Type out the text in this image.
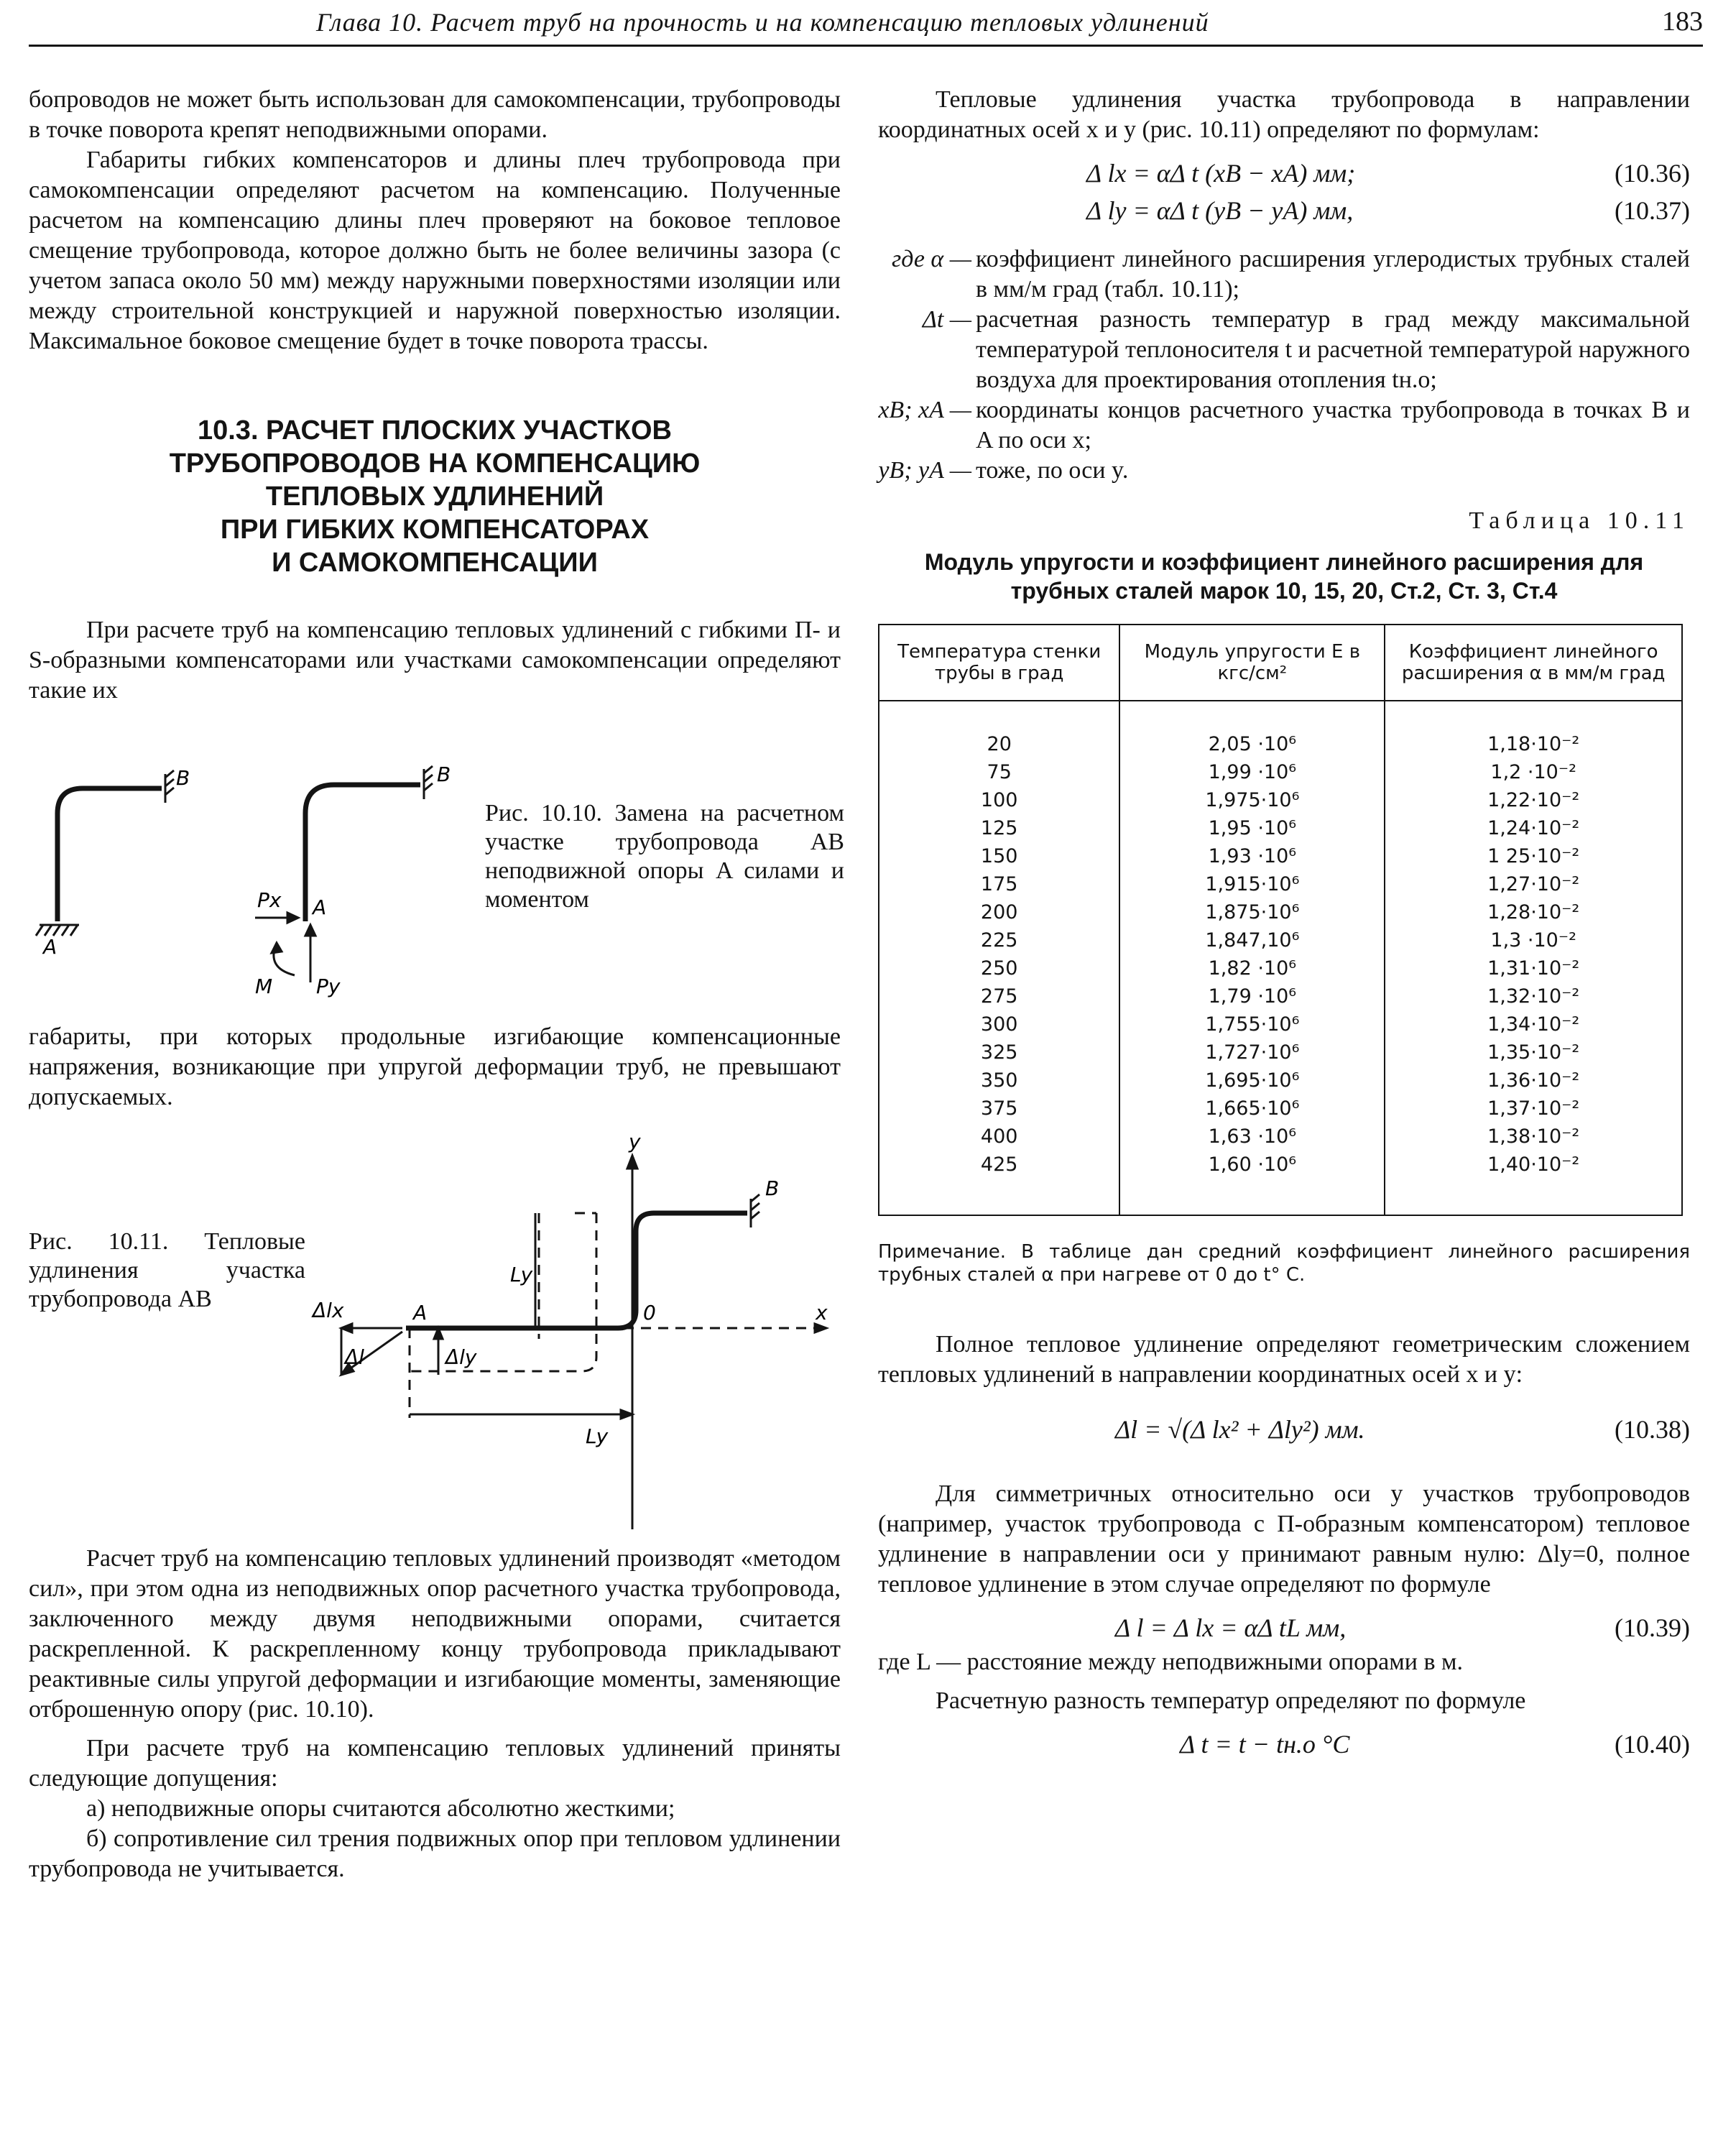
Глава 10. Расчет труб на прочность и на компенсацию тепловых удлинений	183

бопроводов не может быть использован для самокомпенсации, трубопроводы в точке поворота крепят неподвижными опорами.

Габариты гибких компенсаторов и длины плеч трубопровода при самокомпенсации определяют расчетом на компенсацию. Полученные расчетом на компенсацию длины плеч проверяют на боковое тепловое смещение трубопровода, которое должно быть не более величины зазора (с учетом запаса около 50 мм) между наружными поверхностями изоляции или между строительной конструкцией и наружной поверхностью изоляции. Максимальное боковое смещение будет в точке поворота трассы.

10.3. РАСЧЕТ ПЛОСКИХ УЧАСТКОВ
ТРУБОПРОВОДОВ НА КОМПЕНСАЦИЮ
ТЕПЛОВЫХ УДЛИНЕНИЙ
ПРИ ГИБКИХ КОМПЕНСАТОРАХ
И САМОКОМПЕНСАЦИИ

При расчете труб на компенсацию тепловых удлинений с гибкими П- и S-образными компенсаторами или участками самокомпенсации определяют такие их

A
B
A
B
Px
Py
M
Рис. 10.10. Замена на расчетном участке трубопровода AB неподвижной опоры A силами и моментом

габариты, при которых продольные изгибающие компенсационные напряжения, возникающие при упругой деформации труб, не превышают допускаемых.

y
x
A
B
0
Δlx
Δl	Δly
Ly
Ly
Рис. 10.11. Тепловые удлинения участка трубопровода AB

Расчет труб на компенсацию тепловых удлинений производят «методом сил», при этом одна из неподвижных опор расчетного участка трубопровода, заключенного между двумя неподвижными опорами, считается раскрепленной. К раскрепленному концу трубопровода прикладывают реактивные силы упругой деформации и изгибающие моменты, заменяющие отброшенную опору (рис. 10.10).

При расчете труб на компенсацию тепловых удлинений приняты следующие допущения:

а) неподвижные опоры считаются абсолютно жесткими;

б) сопротивление сил трения подвижных опор при тепловом удлинении трубопровода не учитывается.

Тепловые удлинения участка трубопровода в направлении координатных осей x и y (рис. 10.11) определяют по формулам:

Δ lx = αΔ t (xB − xA) мм;	(10.36)
Δ ly = αΔ t (yB − yA) мм,	(10.37)
где α — коэффициент линейного расширения углеродистых трубных сталей в мм/м град (табл. 10.11);
Δt — расчетная разность температур в град между максимальной температурой теплоносителя t и расчетной температурой наружного воздуха для проектирования отопления tн.о;
xB; xA — координаты концов расчетного участка трубопровода в точках B и A по оси x;
yB; yA — тоже, по оси y.
Таблица 10.11
Модуль упругости и коэффициент линейного расширения для трубных сталей марок 10, 15, 20, Ст.2, Ст. 3, Ст.4
Температура стенки трубы в град	Модуль упругости E в кгс/см²	Коэффициент линейного расширения α в мм/м град
20	2,05 ·10⁶	1,18·10⁻²
75	1,99 ·10⁶	1,2 ·10⁻²
100	1,975·10⁶	1,22·10⁻²
125	1,95 ·10⁶	1,24·10⁻²
150	1,93 ·10⁶	1 25·10⁻²
175	1,915·10⁶	1,27·10⁻²
200	1,875·10⁶	1,28·10⁻²
225	1,847,10⁶	1,3 ·10⁻²
250	1,82 ·10⁶	1,31·10⁻²
275	1,79 ·10⁶	1,32·10⁻²
300	1,755·10⁶	1,34·10⁻²
325	1,727·10⁶	1,35·10⁻²
350	1,695·10⁶	1,36·10⁻²
375	1,665·10⁶	1,37·10⁻²
400	1,63 ·10⁶	1,38·10⁻²
425	1,60 ·10⁶	1,40·10⁻²
Примечание. В таблице дан средний коэффициент линейного расширения трубных сталей α при нагреве от 0 до t° C.

Полное тепловое удлинение определяют геометрическим сложением тепловых удлинений в направлении координатных осей x и y:

Δl = √(Δ lx² + Δly²) мм.	(10.38)

Для симметричных относительно оси y участков трубопроводов (например, участок трубопровода с П-образным компенсатором) тепловое удлинение в направлении оси y принимают равным нулю: Δly=0, полное тепловое удлинение в этом случае определяют по формуле

Δ l = Δ lx = αΔ tL мм,	(10.39)

где L — расстояние между неподвижными опорами в м.

Расчетную разность температур определяют по формуле

Δ t = t − tн.о °C	(10.40)
